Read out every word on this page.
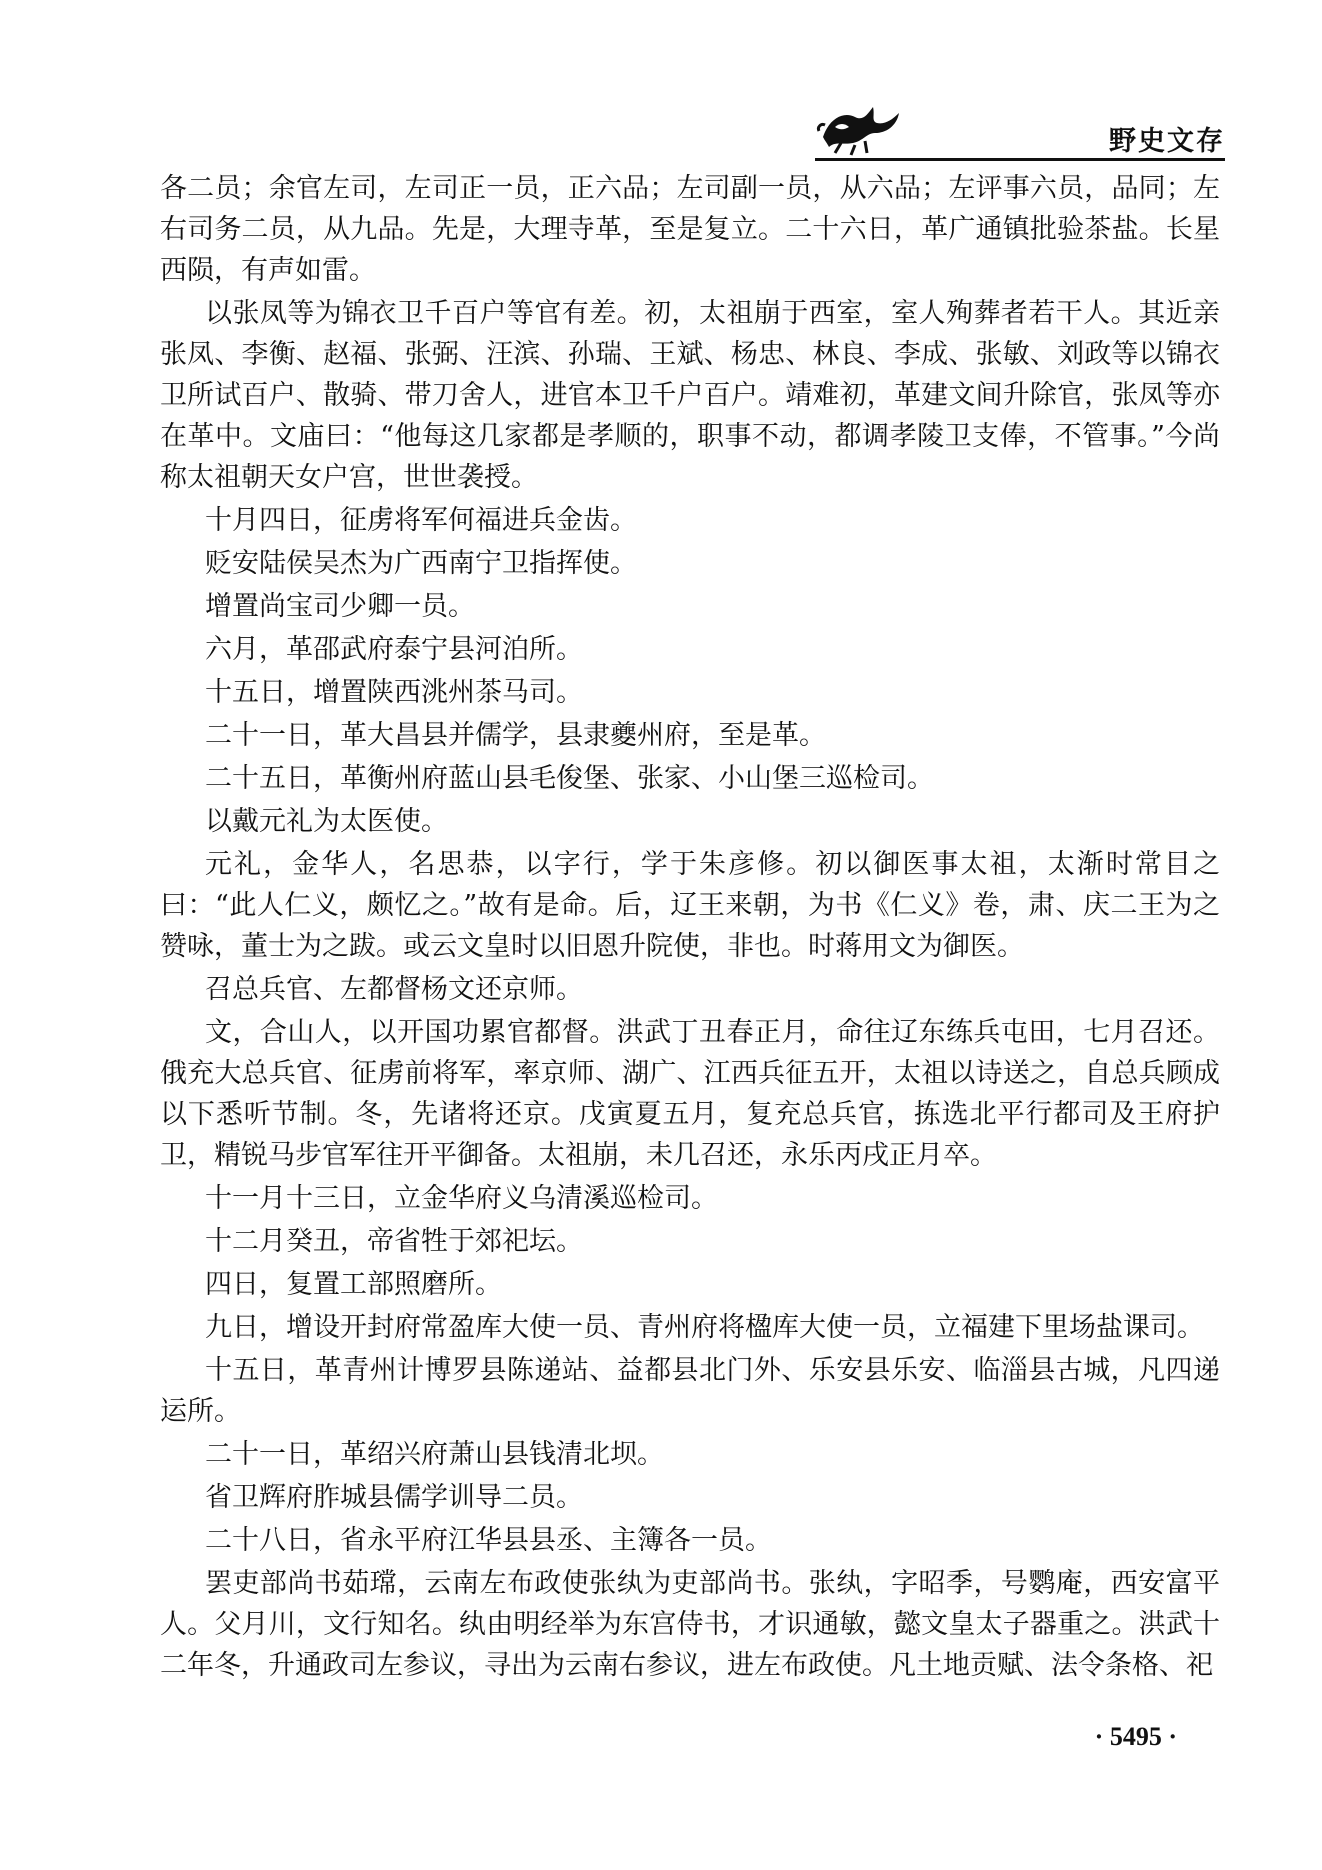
野史文存

各二员；余官左司，左司正一员，正六品；左司副一员，从六品；左评事六员，品同；左右司务二员，从九品。先是，大理寺革，至是复立。二十六日，革广通镇批验茶盐。长星西陨，有声如雷。

以张凤等为锦衣卫千百户等官有差。初，太祖崩于西室，室人殉葬者若干人。其近亲张凤、李衡、赵福、张弼、汪滨、孙瑞、王斌、杨忠、林良、李成、张敏、刘政等以锦衣卫所试百户、散骑、带刀舍人，进官本卫千户百户。靖难初，革建文间升除官，张凤等亦在革中。文庙曰：“他每这几家都是孝顺的，职事不动，都调孝陵卫支俸，不管事。”今尚称太祖朝天女户宫，世世袭授。

十月四日，征虏将军何福进兵金齿。

贬安陆侯吴杰为广西南宁卫指挥使。

增置尚宝司少卿一员。

六月，革邵武府泰宁县河泊所。

十五日，增置陕西洮州茶马司。

二十一日，革大昌县并儒学，县隶夔州府，至是革。

二十五日，革衡州府蓝山县毛俊堡、张家、小山堡三巡检司。

以戴元礼为太医使。

元礼，金华人，名思恭，以字行，学于朱彦修。初以御医事太祖，太渐时常目之曰：“此人仁义，颇忆之。”故有是命。后，辽王来朝，为书《仁义》卷，肃、庆二王为之赞咏，董士为之跋。或云文皇时以旧恩升院使，非也。时蒋用文为御医。

召总兵官、左都督杨文还京师。

文，合山人，以开国功累官都督。洪武丁丑春正月，命往辽东练兵屯田，七月召还。俄充大总兵官、征虏前将军，率京师、湖广、江西兵征五开，太祖以诗送之，自总兵顾成以下悉听节制。冬，先诸将还京。戊寅夏五月，复充总兵官，拣选北平行都司及王府护卫，精锐马步官军往开平御备。太祖崩，未几召还，永乐丙戌正月卒。

十一月十三日，立金华府义乌清溪巡检司。

十二月癸丑，帝省牲于郊祀坛。

四日，复置工部照磨所。

九日，增设开封府常盈库大使一员、青州府将楹库大使一员，立福建下里场盐课司。

十五日，革青州计博罗县陈递站、益都县北门外、乐安县乐安、临淄县古城，凡四递运所。

二十一日，革绍兴府萧山县钱清北坝。

省卫辉府胙城县儒学训导二员。

二十八日，省永平府江华县县丞、主簿各一员。

罢吏部尚书茹瑺，云南左布政使张纨为吏部尚书。张纨，字昭季，号鹦庵，西安富平人。父月川，文行知名。纨由明经举为东宫侍书，才识通敏，懿文皇太子器重之。洪武十二年冬，升通政司左参议，寻出为云南右参议，进左布政使。凡土地贡赋、法令条格、祀

· 5495 ·
